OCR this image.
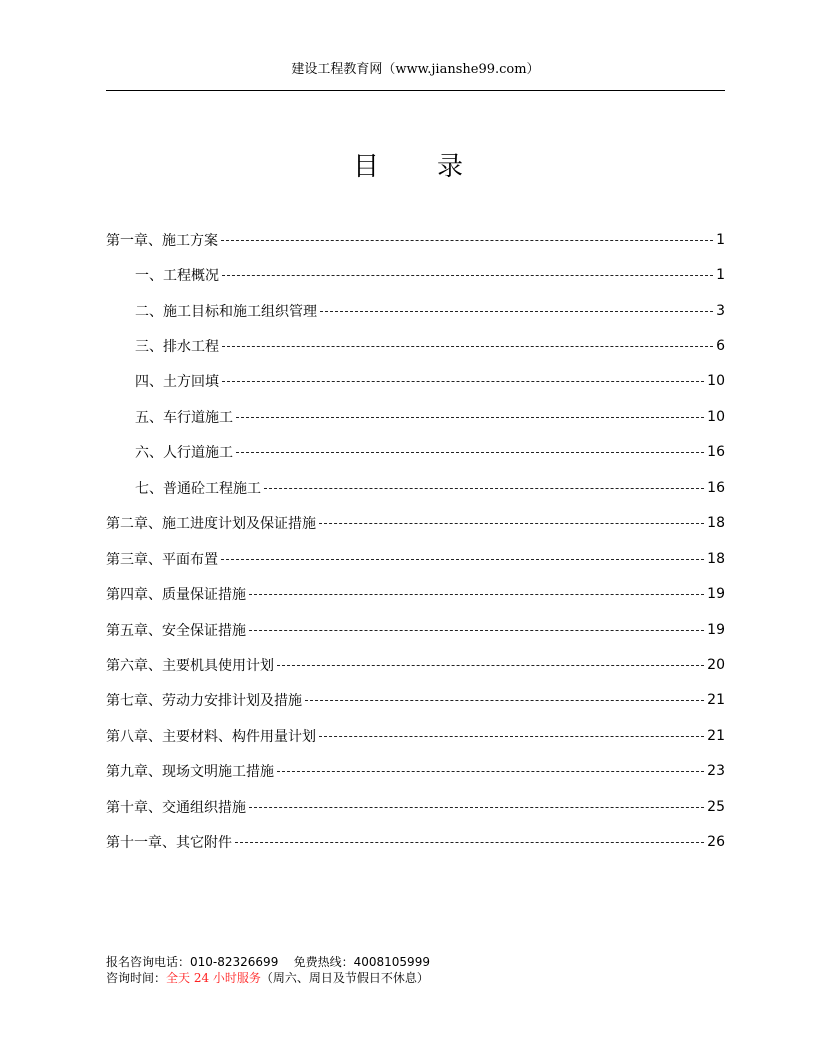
建设工程教育网（www.jianshe99.com）
目录
第一章、施工方案	1
一、工程概况	1
二、施工目标和施工组织管理	3
三、排水工程	6
四、土方回填	10
五、车行道施工	10
六、人行道施工	16
七、普通砼工程施工	16
第二章、施工进度计划及保证措施	18
第三章、平面布置	18
第四章、质量保证措施	19
第五章、安全保证措施	19
第六章、主要机具使用计划	20
第七章、劳动力安排计划及措施	21
第八章、主要材料、构件用量计划	21
第九章、现场文明施工措施	23
第十章、交通组织措施	25
第十一章、其它附件	26
报名咨询电话：010-82326699 免费热线：4008105999
咨询时间：全天 24 小时服务（周六、周日及节假日不休息）
